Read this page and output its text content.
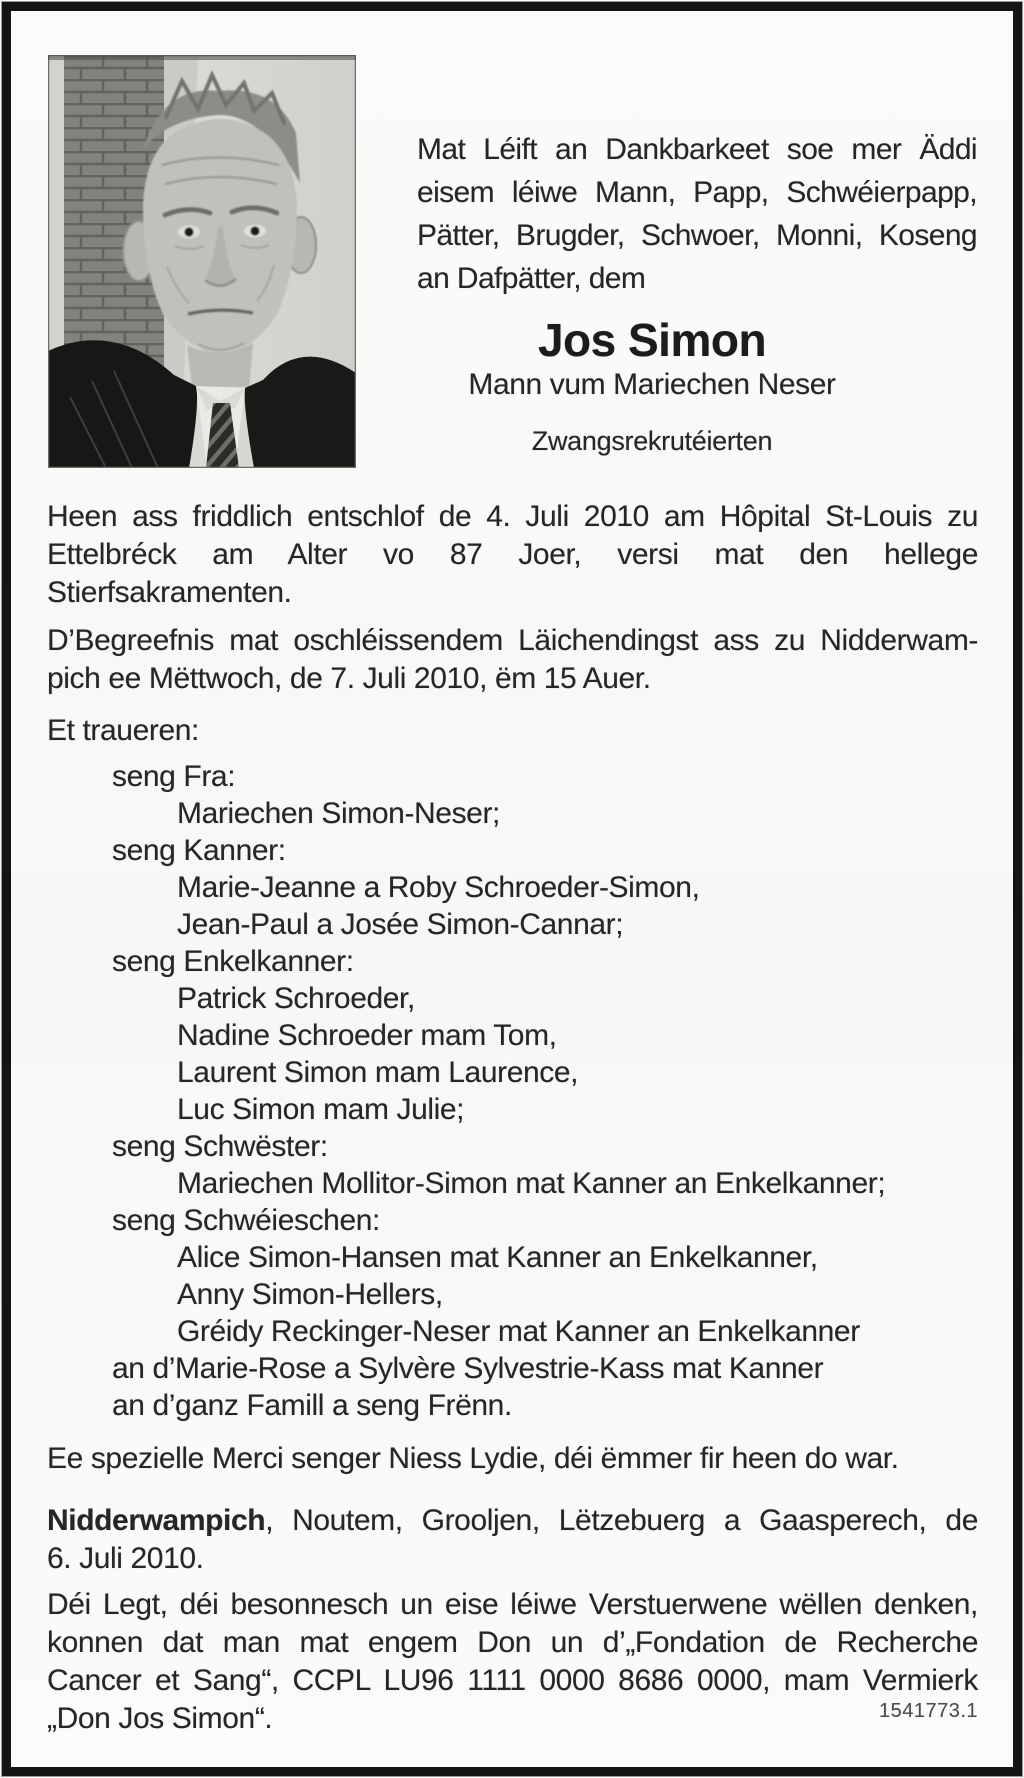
Mat Léift an Dankbarkeet soe mer Äddi
eisem léiwe Mann, Papp, Schwéierpapp,
Pätter, Brugder, Schwoer, Monni, Koseng
an Dafpätter, dem
Jos Simon
Mann vum Mariechen Neser
Zwangsrekrutéierten
Heen ass friddlich entschlof de 4. Juli 2010 am Hôpital St-Louis zu
Ettelbréck am Alter vo 87 Joer, versi mat den hellege
Stierfsakramenten.
D’Begreefnis mat oschléissendem Läichendingst ass zu Nidderwam-
pich ee Mëttwoch, de 7. Juli 2010, ëm 15 Auer.
Et traueren:
seng Fra:
Mariechen Simon-Neser;
seng Kanner:
Marie-Jeanne a Roby Schroeder-Simon,
Jean-Paul a Josée Simon-Cannar;
seng Enkelkanner:
Patrick Schroeder,
Nadine Schroeder mam Tom,
Laurent Simon mam Laurence,
Luc Simon mam Julie;
seng Schwëster:
Mariechen Mollitor-Simon mat Kanner an Enkelkanner;
seng Schwéieschen:
Alice Simon-Hansen mat Kanner an Enkelkanner,
Anny Simon-Hellers,
Gréidy Reckinger-Neser mat Kanner an Enkelkanner
an d’Marie-Rose a Sylvère Sylvestrie-Kass mat Kanner
an d’ganz Famill a seng Frënn.
Ee spezielle Merci senger Niess Lydie, déi ëmmer fir heen do war.
Nidderwampich, Noutem, Grooljen, Lëtzebuerg a Gaasperech, de
6. Juli 2010.
Déi Legt, déi besonnesch un eise léiwe Verstuerwene wëllen denken,
konnen dat man mat engem Don un d’„Fondation de Recherche
Cancer et Sang“, CCPL LU96 1111 0000 8686 0000, mam Vermierk
„Don Jos Simon“.	1541773.1
